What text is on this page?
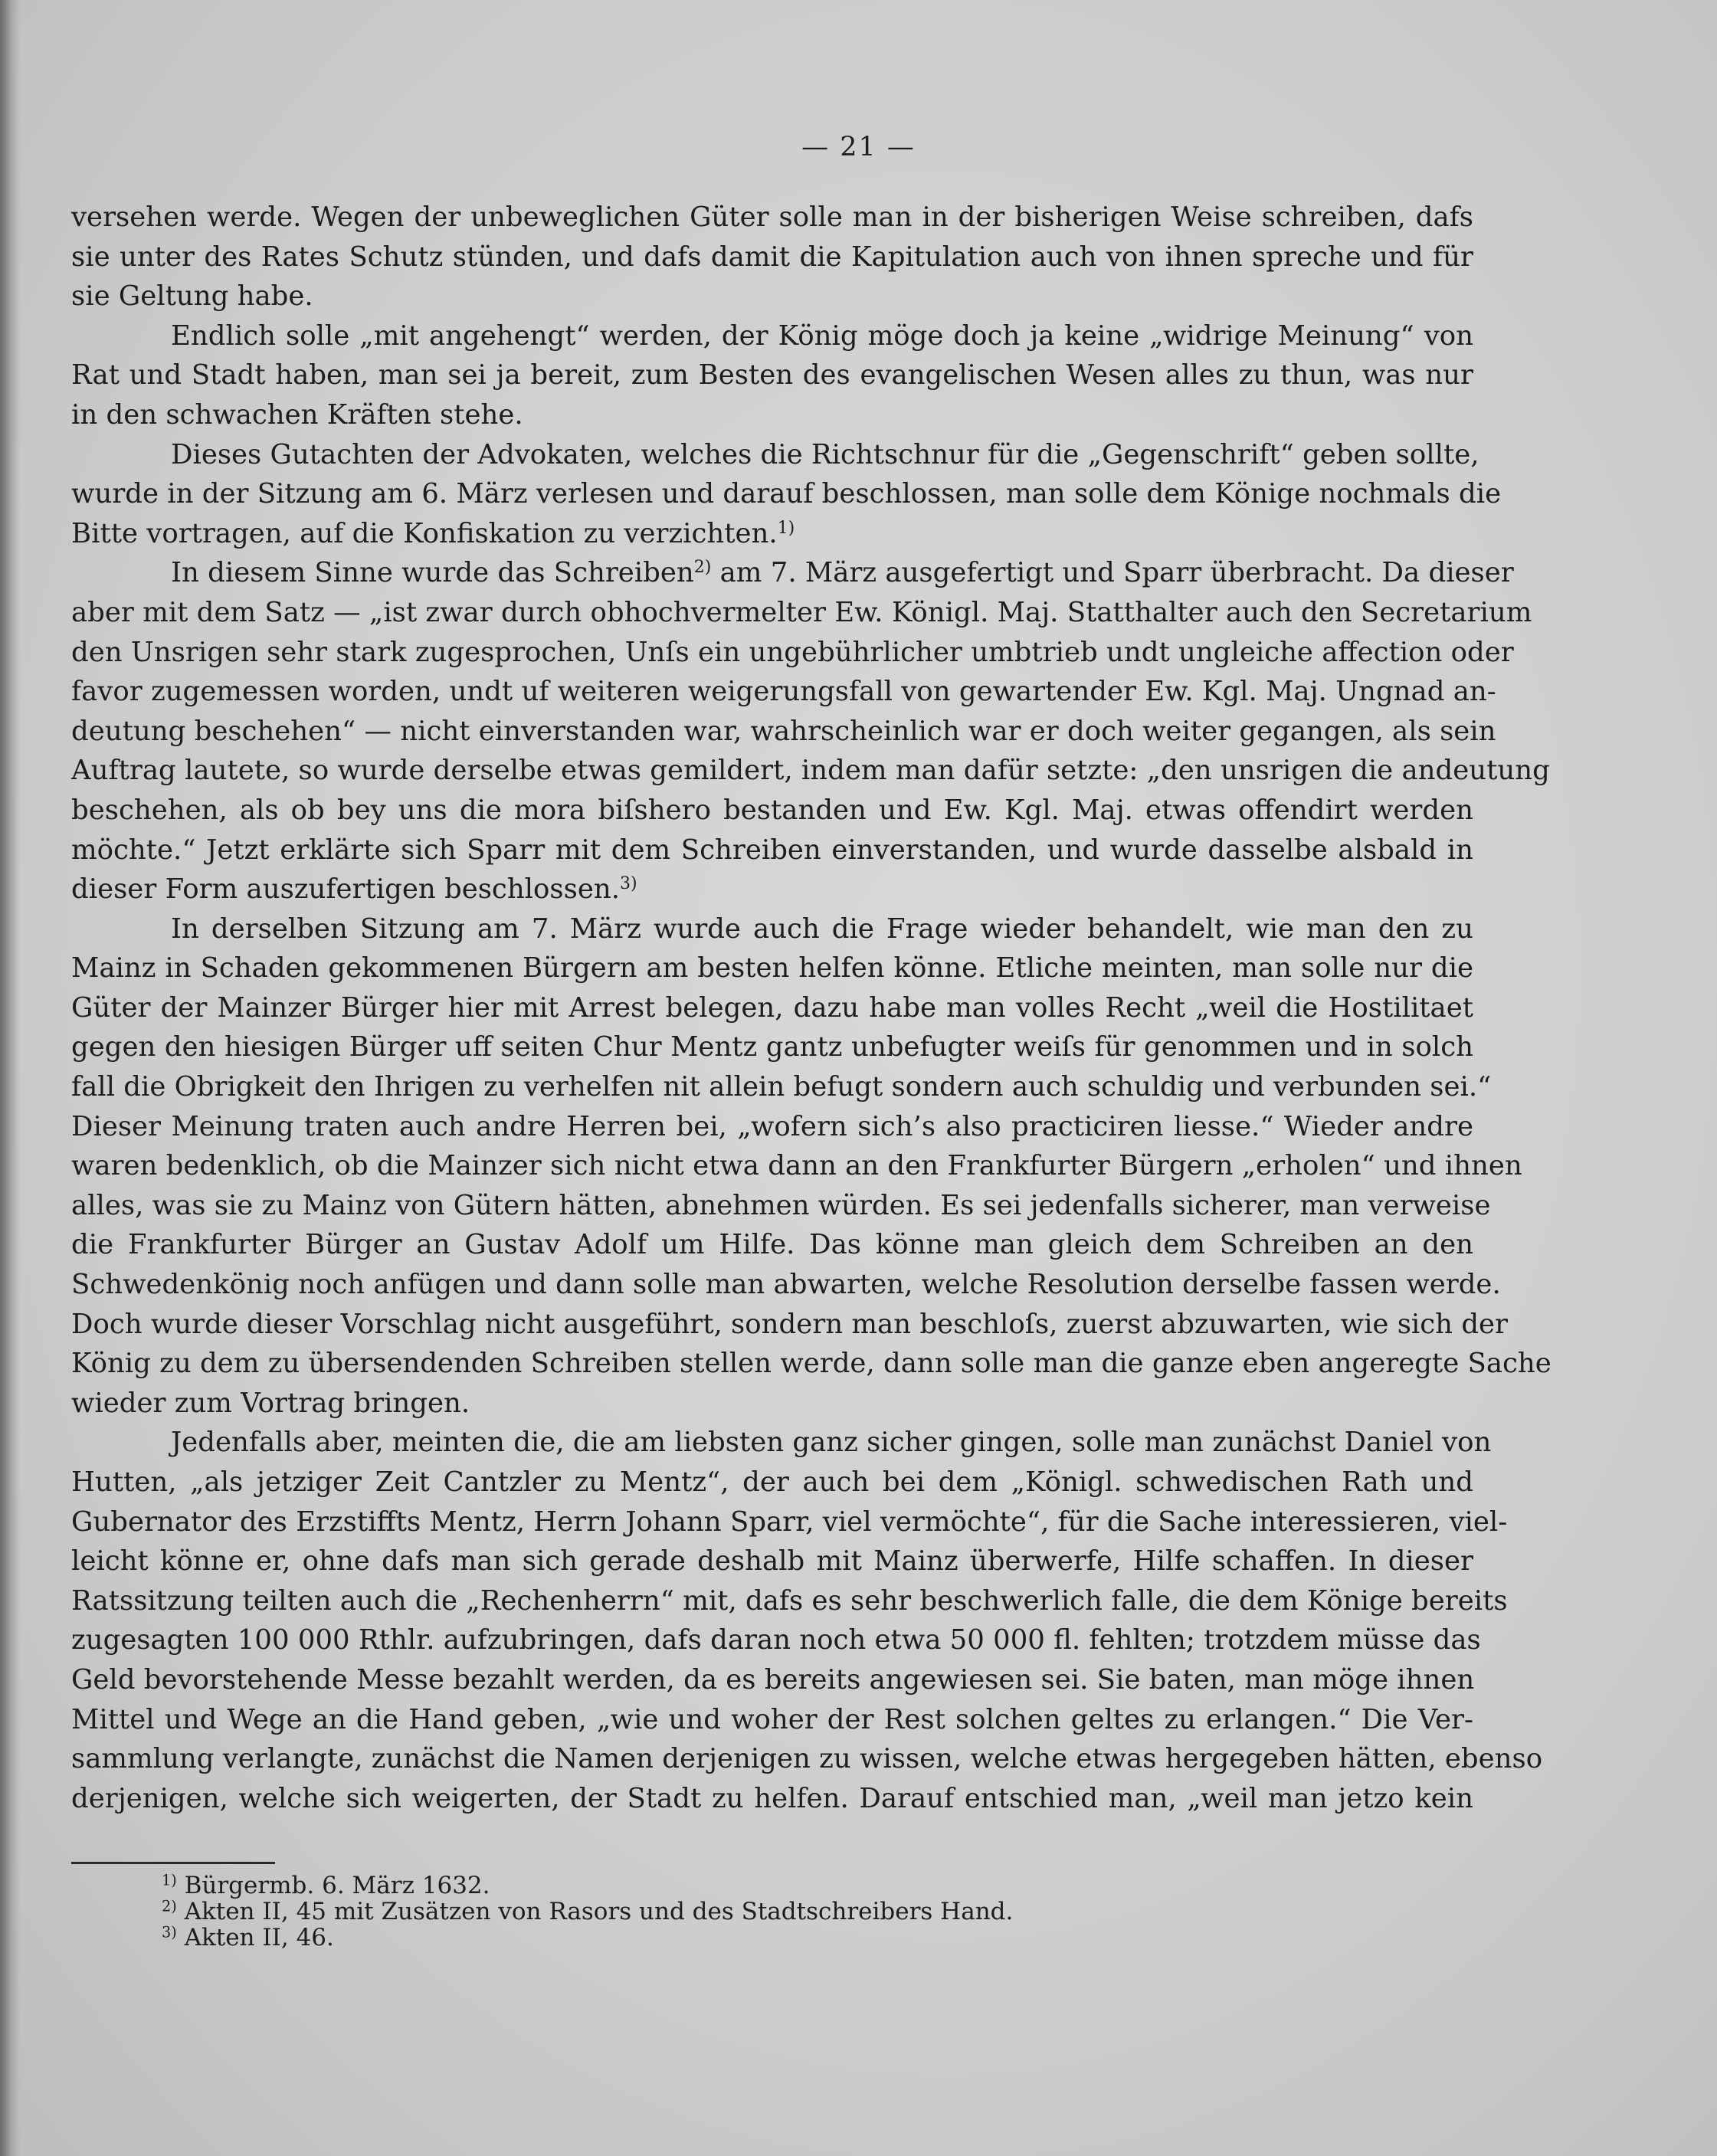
— 21 —
versehen werde. Wegen der unbeweglichen Güter solle man in der bisherigen Weise schreiben, dafs
sie unter des Rates Schutz stünden, und dafs damit die Kapitulation auch von ihnen spreche und für
sie Geltung habe.
Endlich solle „mit angehengt“ werden, der König möge doch ja keine „widrige Meinung“ von
Rat und Stadt haben, man sei ja bereit, zum Besten des evangelischen Wesen alles zu thun, was nur
in den schwachen Kräften stehe.
Dieses Gutachten der Advokaten, welches die Richtschnur für die „Gegenschrift“ geben sollte,
wurde in der Sitzung am 6. März verlesen und darauf beschlossen, man solle dem Könige nochmals die
Bitte vortragen, auf die Konfiskation zu verzichten.$^{1)}$
In diesem Sinne wurde das Schreiben$^{2)}$ am 7. März ausgefertigt und Sparr überbracht. Da dieser
aber mit dem Satz — „ist zwar durch obhochvermelter Ew. Königl. Maj. Statthalter auch den Secretarium
den Unsrigen sehr stark zugesprochen, Unſs ein ungebührlicher umbtrieb undt ungleiche affection oder
favor zugemessen worden, undt uf weiteren weigerungsfall von gewartender Ew. Kgl. Maj. Ungnad an-
deutung beschehen“ — nicht einverstanden war, wahrscheinlich war er doch weiter gegangen, als sein
Auftrag lautete, so wurde derselbe etwas gemildert, indem man dafür setzte: „den unsrigen die andeutung
beschehen, als ob bey uns die mora biſshero bestanden und Ew. Kgl. Maj. etwas offendirt werden
möchte.“ Jetzt erklärte sich Sparr mit dem Schreiben einverstanden, und wurde dasselbe alsbald in
dieser Form auszufertigen beschlossen.$^{3)}$
In derselben Sitzung am 7. März wurde auch die Frage wieder behandelt, wie man den zu
Mainz in Schaden gekommenen Bürgern am besten helfen könne. Etliche meinten, man solle nur die
Güter der Mainzer Bürger hier mit Arrest belegen, dazu habe man volles Recht „weil die Hostilitaet
gegen den hiesigen Bürger uff seiten Chur Mentz gantz unbefugter weiſs für genommen und in solch
fall die Obrigkeit den Ihrigen zu verhelfen nit allein befugt sondern auch schuldig und verbunden sei.“
Dieser Meinung traten auch andre Herren bei, „wofern sich’s also practiciren liesse.“ Wieder andre
waren bedenklich, ob die Mainzer sich nicht etwa dann an den Frankfurter Bürgern „erholen“ und ihnen
alles, was sie zu Mainz von Gütern hätten, abnehmen würden. Es sei jedenfalls sicherer, man verweise
die Frankfurter Bürger an Gustav Adolf um Hilfe. Das könne man gleich dem Schreiben an den
Schwedenkönig noch anfügen und dann solle man abwarten, welche Resolution derselbe fassen werde.
Doch wurde dieser Vorschlag nicht ausgeführt, sondern man beschloſs, zuerst abzuwarten, wie sich der
König zu dem zu übersendenden Schreiben stellen werde, dann solle man die ganze eben angeregte Sache
wieder zum Vortrag bringen.
Jedenfalls aber, meinten die, die am liebsten ganz sicher gingen, solle man zunächst Daniel von
Hutten, „als jetziger Zeit Cantzler zu Mentz“, der auch bei dem „Königl. schwedischen Rath und
Gubernator des Erzstiffts Mentz, Herrn Johann Sparr, viel vermöchte“, für die Sache interessieren, viel-
leicht könne er, ohne dafs man sich gerade deshalb mit Mainz überwerfe, Hilfe schaffen. In dieser
Ratssitzung teilten auch die „Rechenherrn“ mit, dafs es sehr beschwerlich falle, die dem Könige bereits
zugesagten 100 000 Rthlr. aufzubringen, dafs daran noch etwa 50 000 fl. fehlten; trotzdem müsse das
Geld bevorstehende Messe bezahlt werden, da es bereits angewiesen sei. Sie baten, man möge ihnen
Mittel und Wege an die Hand geben, „wie und woher der Rest solchen geltes zu erlangen.“ Die Ver-
sammlung verlangte, zunächst die Namen derjenigen zu wissen, welche etwas hergegeben hätten, ebenso
derjenigen, welche sich weigerten, der Stadt zu helfen. Darauf entschied man, „weil man jetzo kein
$^{1)}$ Bürgermb. 6. März 1632.
$^{2)}$ Akten II, 45 mit Zusätzen von Rasors und des Stadtschreibers Hand.
$^{3)}$ Akten II, 46.
